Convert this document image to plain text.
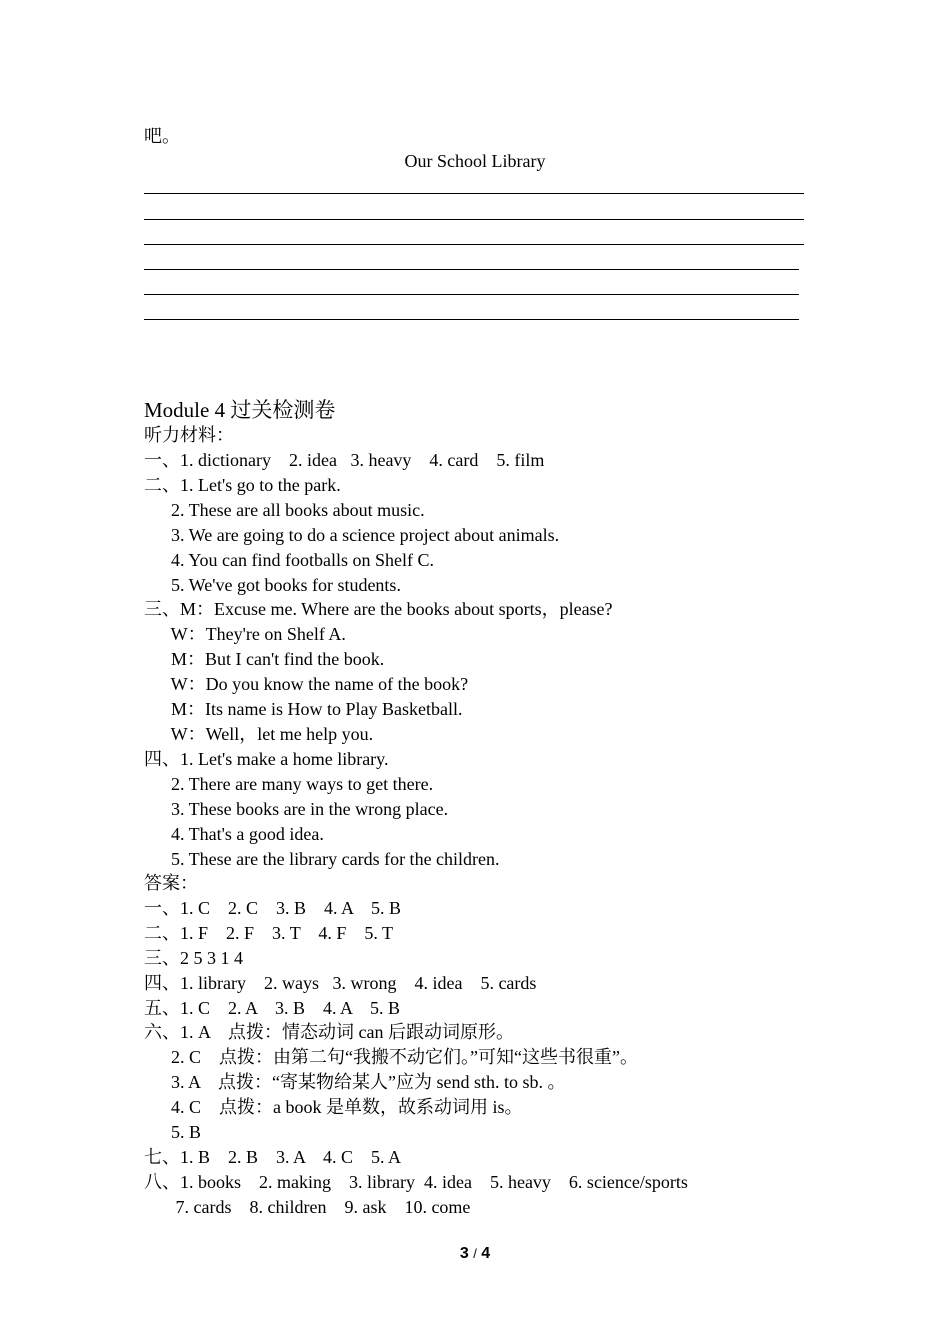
吧。
Our School Library
Module 4 过关检测卷
听力材料：
一、1. dictionary    2. idea   3. heavy    4. card    5. film
二、1. Let's go to the park.
2. These are all books about music.
3. We are going to do a science project about animals.
4. You can find footballs on Shelf C.
5. We've got books for students.
三、M：Excuse me. Where are the books about sports，please?
W：They're on Shelf A.
M：But I can't find the book.
W：Do you know the name of the book?
M：Its name is How to Play Basketball.
W：Well，let me help you.
四、1. Let's make a home library.
2. There are many ways to get there.
3. These books are in the wrong place.
4. That's a good idea.
5. These are the library cards for the children.
答案：
一、1. C    2. C    3. B    4. A    5. B
二、1. F    2. F    3. T    4. F    5. T
三、2 5 3 1 4
四、1. library    2. ways   3. wrong    4. idea    5. cards
五、1. C    2. A    3. B    4. A    5. B
六、1. A    点拨：情态动词 can 后跟动词原形。
2. C    点拨：由第二句“我搬不动它们。”可知“这些书很重”。
3. A    点拨：“寄某物给某人”应为 send sth. to sb. 。
4. C    点拨：a book 是单数，故系动词用 is。
5. B
七、1. B    2. B    3. A    4. C    5. A
八、1. books    2. making    3. library  4. idea    5. heavy    6. science/sports
7. cards    8. children    9. ask    10. come
3 / 4
